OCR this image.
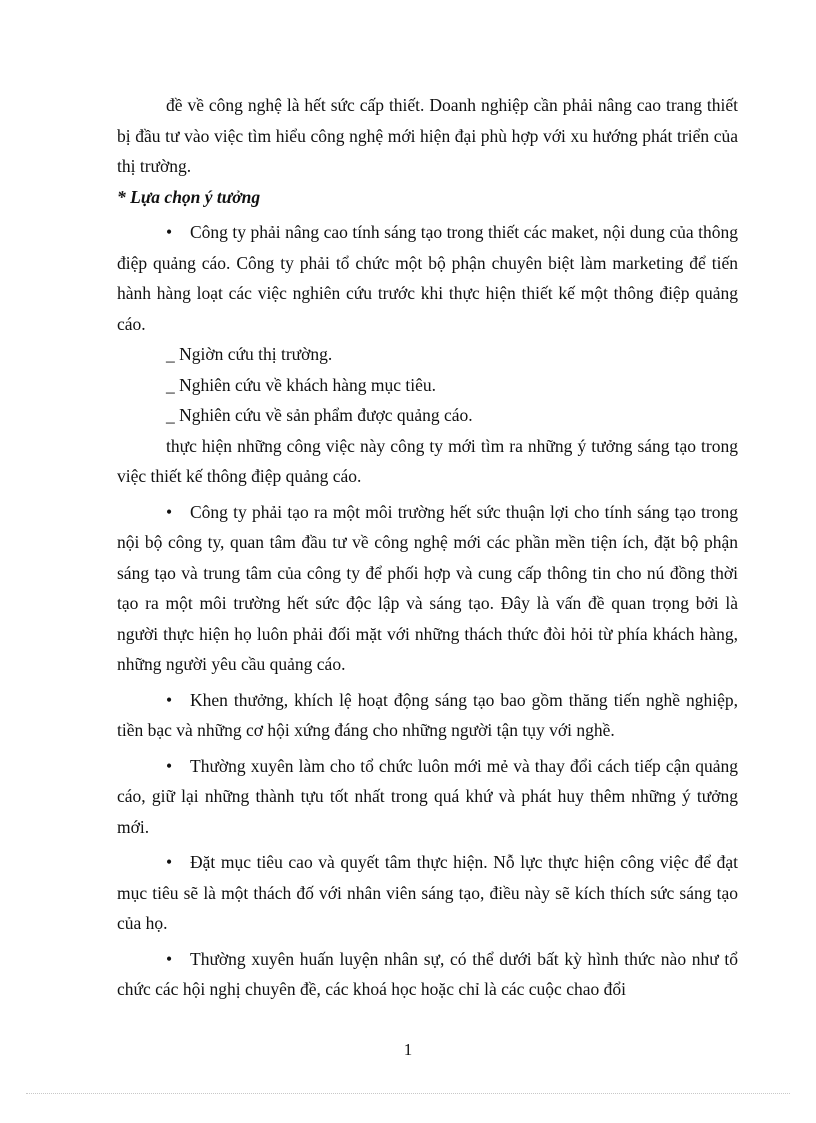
đề về công nghệ là hết sức cấp thiết. Doanh nghiệp cần phải nâng cao trang thiết bị đầu tư vào việc tìm hiểu công nghệ mới hiện đại phù hợp với xu hướng phát triển của thị trường.

* Lựa chọn ý tưởng

• Công ty phải nâng cao tính sáng tạo trong thiết các maket, nội dung của thông điệp quảng cáo. Công ty phải tổ chức một bộ phận chuyên biệt làm marketing để tiến hành hàng loạt các việc nghiên cứu trước khi thực hiện thiết kế một thông điệp quảng cáo.

_ Ngiờn cứu thị trường.

_ Nghiên cứu về khách hàng mục tiêu.

_ Nghiên cứu về sản phẩm được quảng cáo.

thực hiện những công việc này công ty mới tìm ra những ý tưởng sáng tạo trong việc thiết kế thông điệp quảng cáo.

• Công ty phải tạo ra một môi trường hết sức thuận lợi cho tính sáng tạo trong nội bộ công ty, quan tâm đầu tư về công nghệ mới các phần mền tiện ích, đặt bộ phận sáng tạo và trung tâm của công ty để phối hợp và cung cấp thông tin cho nú đồng thời tạo ra một môi trường hết sức độc lập và sáng tạo. Đây là vấn đề quan trọng bởi là người thực hiện họ luôn phải đối mặt với những thách thức đòi hỏi từ phía khách hàng, những người yêu cầu quảng cáo.

• Khen thưởng, khích lệ hoạt động sáng tạo bao gồm thăng tiến nghề nghiệp, tiền bạc và những cơ hội xứng đáng cho những người tận tụy với nghề.

• Thường xuyên làm cho tổ chức luôn mới mẻ và thay đổi cách tiếp cận quảng cáo, giữ lại những thành tựu tốt nhất trong quá khứ và phát huy thêm những ý tưởng mới.

• Đặt mục tiêu cao và quyết tâm thực hiện. Nỗ lực thực hiện công việc để đạt mục tiêu sẽ là một thách đố với nhân viên sáng tạo, điều này sẽ kích thích sức sáng tạo của họ.

• Thường xuyên huấn luyện nhân sự, có thể dưới bất kỳ hình thức nào như tổ chức các hội nghị chuyên đề, các khoá học hoặc chỉ là các cuộc chao đổi

1
